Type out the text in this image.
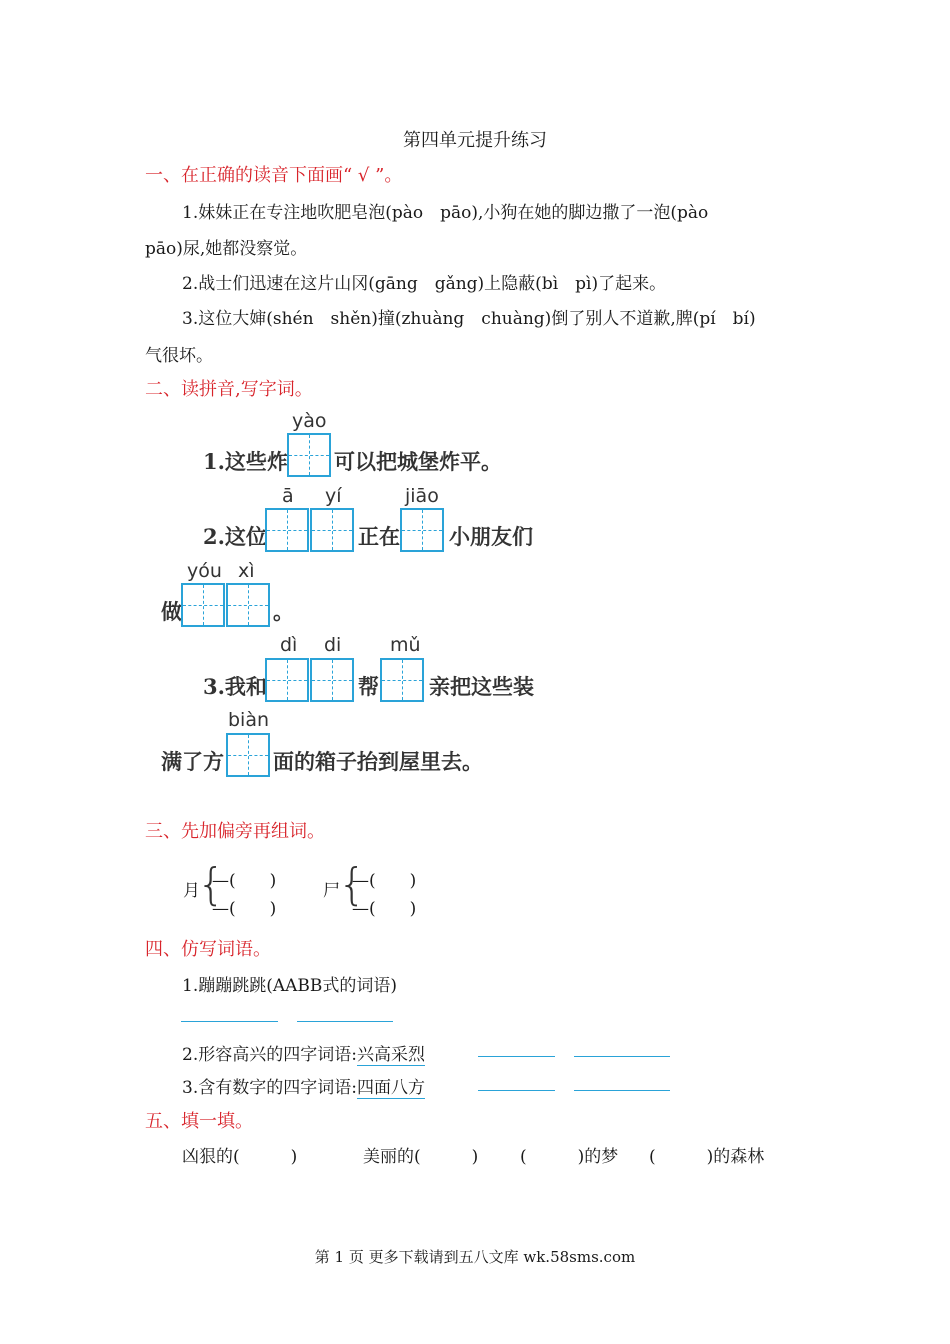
第四单元提升练习
一、在正确的读音下面画“ √ ”。
1.妹妹正在专注地吹肥皂泡(pào　pāo),小狗在她的脚边撒了一泡(pào
pāo)尿,她都没察觉。
2.战士们迅速在这片山冈(gāng　gǎng)上隐蔽(bì　pì)了起来。
3.这位大婶(shén　shěn)撞(zhuàng　chuàng)倒了别人不道歉,脾(pí　bí)
气很坏。
二、读拼音,写字词。
yào
1.这些炸 可以把城堡炸平。
ā yí	jiāo
2.这位	正在 小朋友们
yóu xì
做	。
dì di	mǔ
3.我和	帮 亲把这些装
biàn
满了方 面的箱子抬到屋里去。
三、先加偏旁再组词。
月
{
—(　　)
—(　　)
尸
{
—(　　)
—(　　)
四、仿写词语。
1.蹦蹦跳跳(AABB式的词语)
2.形容高兴的四字词语:兴高采烈
3.含有数字的四字词语:四面八方
五、填一填。
凶狠的(　　　)	美丽的(　　　) (　　　)的梦 (　　　)的森林
第 1 页 更多下载请到五八文库 wk.58sms.com
